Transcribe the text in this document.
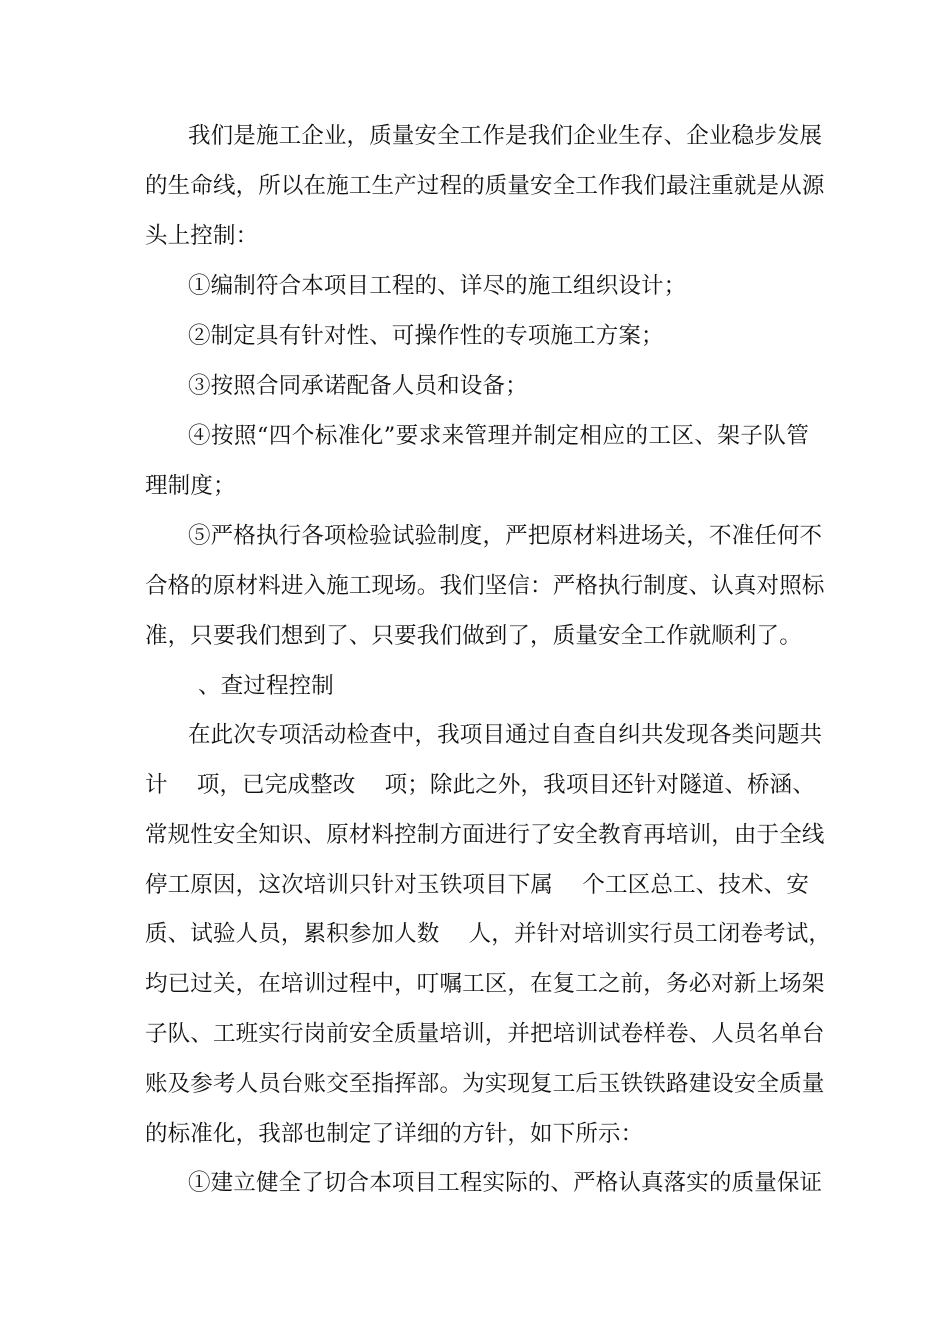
我们是施工企业，质量安全工作是我们企业生存、企业稳步发展
的生命线，所以在施工生产过程的质量安全工作我们最注重就是从源
头上控制：
①编制符合本项目工程的、详尽的施工组织设计；
②制定具有针对性、可操作性的专项施工方案；
③按照合同承诺配备人员和设备；
④按照“四个标准化”要求来管理并制定相应的工区、架子队管
理制度；
⑤严格执行各项检验试验制度，严把原材料进场关，不准任何不
合格的原材料进入施工现场。我们坚信：严格执行制度、认真对照标
准，只要我们想到了、只要我们做到了，质量安全工作就顺利了。
、查过程控制
在此次专项活动检查中，我项目通过自查自纠共发现各类问题共
计    项，已完成整改    项；除此之外，我项目还针对隧道、桥涵、
常规性安全知识、原材料控制方面进行了安全教育再培训，由于全线
停工原因，这次培训只针对玉铁项目下属    个工区总工、技术、安
质、试验人员，累积参加人数    人，并针对培训实行员工闭卷考试，
均已过关，在培训过程中，叮嘱工区，在复工之前，务必对新上场架
子队、工班实行岗前安全质量培训，并把培训试卷样卷、人员名单台
账及参考人员台账交至指挥部。为实现复工后玉铁铁路建设安全质量
的标准化，我部也制定了详细的方针，如下所示：
①建立健全了切合本项目工程实际的、严格认真落实的质量保证
